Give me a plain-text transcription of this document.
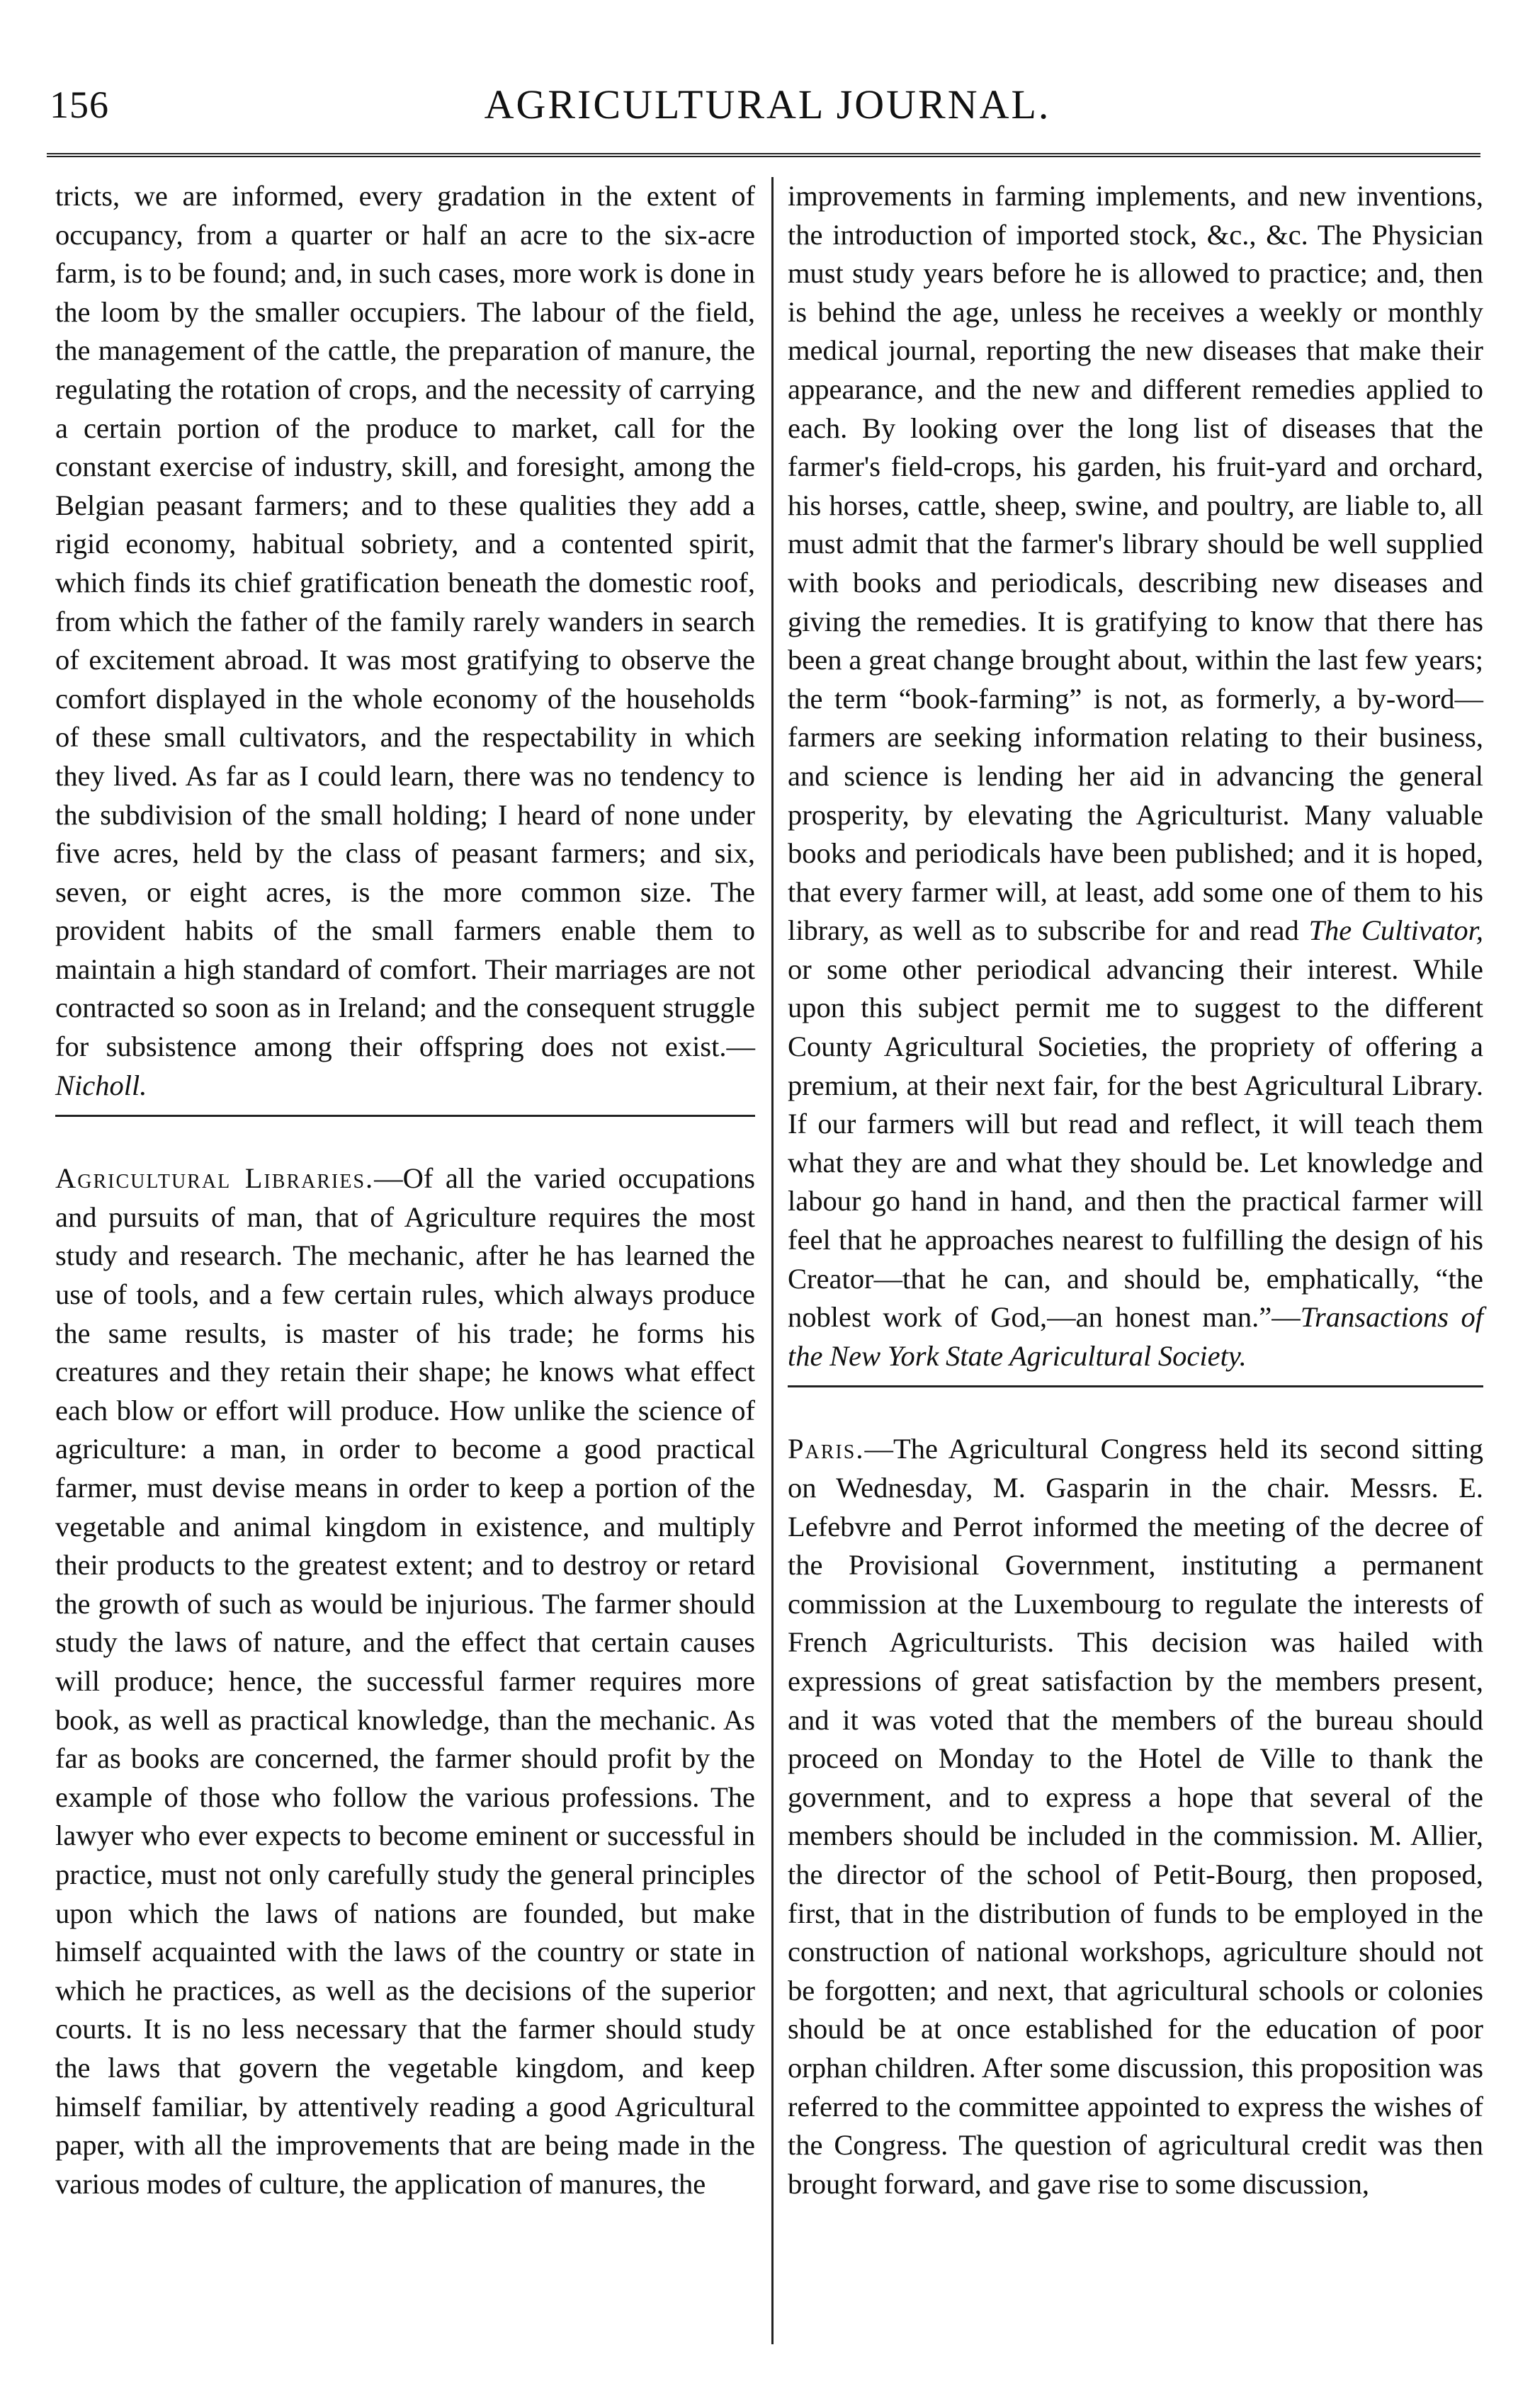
156	AGRICULTURAL JOURNAL.

tricts, we are informed, every gradation in the extent of occupancy, from a quarter or half an acre to the six-acre farm, is to be found; and, in such cases, more work is done in the loom by the smaller occupiers. The labour of the field, the management of the cattle, the preparation of manure, the regulating the rotation of crops, and the necessity of carrying a certain portion of the produce to market, call for the constant exercise of industry, skill, and foresight, among the Belgian peasant farmers; and to these qualities they add a rigid economy, habitual sobriety, and a contented spirit, which finds its chief gratification beneath the domestic roof, from which the father of the family rarely wanders in search of excitement abroad. It was most gratifying to observe the comfort displayed in the whole economy of the households of these small cultivators, and the respectability in which they lived. As far as I could learn, there was no tendency to the subdivision of the small holding; I heard of none under five acres, held by the class of peasant farmers; and six, seven, or eight acres, is the more common size. The provident habits of the small farmers enable them to maintain a high standard of comfort. Their marriages are not contracted so soon as in Ireland; and the consequent struggle for subsistence among their offspring does not exist.—Nicholl.

Agricultural Libraries.—Of all the varied occupations and pursuits of man, that of Agriculture requires the most study and research. The mechanic, after he has learned the use of tools, and a few certain rules, which always produce the same results, is master of his trade; he forms his creatures and they retain their shape; he knows what effect each blow or effort will produce. How unlike the science of agriculture: a man, in order to become a good practical farmer, must devise means in order to keep a portion of the vegetable and animal kingdom in existence, and multiply their products to the greatest extent; and to destroy or retard the growth of such as would be injurious. The farmer should study the laws of nature, and the effect that certain causes will produce; hence, the successful farmer requires more book, as well as practical knowledge, than the mechanic. As far as books are concerned, the farmer should profit by the example of those who follow the various professions. The lawyer who ever expects to become eminent or successful in practice, must not only carefully study the general principles upon which the laws of nations are founded, but make himself acquainted with the laws of the country or state in which he practices, as well as the decisions of the superior courts. It is no less necessary that the farmer should study the laws that govern the vegetable kingdom, and keep himself familiar, by attentively reading a good Agricultural paper, with all the improvements that are being made in the various modes of culture, the application of manures, the

improvements in farming implements, and new inventions, the introduction of imported stock, &c., &c. The Physician must study years before he is allowed to practice; and, then is behind the age, unless he receives a weekly or monthly medical journal, reporting the new diseases that make their appearance, and the new and different remedies applied to each. By looking over the long list of diseases that the farmer's field-crops, his garden, his fruit-yard and orchard, his horses, cattle, sheep, swine, and poultry, are liable to, all must admit that the farmer's library should be well supplied with books and periodicals, describing new diseases and giving the remedies. It is gratifying to know that there has been a great change brought about, within the last few years; the term “book-farming” is not, as formerly, a by-word—farmers are seeking information relating to their business, and science is lending her aid in advancing the general prosperity, by elevating the Agriculturist. Many valuable books and periodicals have been published; and it is hoped, that every farmer will, at least, add some one of them to his library, as well as to subscribe for and read The Cultivator, or some other periodical advancing their interest. While upon this subject permit me to suggest to the different County Agricultural Societies, the propriety of offering a premium, at their next fair, for the best Agricultural Library. If our farmers will but read and reflect, it will teach them what they are and what they should be. Let knowledge and labour go hand in hand, and then the practical farmer will feel that he approaches nearest to fulfilling the design of his Creator—that he can, and should be, emphatically, “the noblest work of God,—an honest man.”—Transactions of the New York State Agricultural Society.

Paris.—The Agricultural Congress held its second sitting on Wednesday, M. Gasparin in the chair. Messrs. E. Lefebvre and Perrot informed the meeting of the decree of the Provisional Government, instituting a permanent commission at the Luxembourg to regulate the interests of French Agriculturists. This decision was hailed with expressions of great satisfaction by the members present, and it was voted that the members of the bureau should proceed on Monday to the Hotel de Ville to thank the government, and to express a hope that several of the members should be included in the commission. M. Allier, the director of the school of Petit-Bourg, then proposed, first, that in the distribution of funds to be employed in the construction of national workshops, agriculture should not be forgotten; and next, that agricultural schools or colonies should be at once established for the education of poor orphan children. After some discussion, this proposition was referred to the committee appointed to express the wishes of the Congress. The question of agricultural credit was then brought forward, and gave rise to some discussion,
